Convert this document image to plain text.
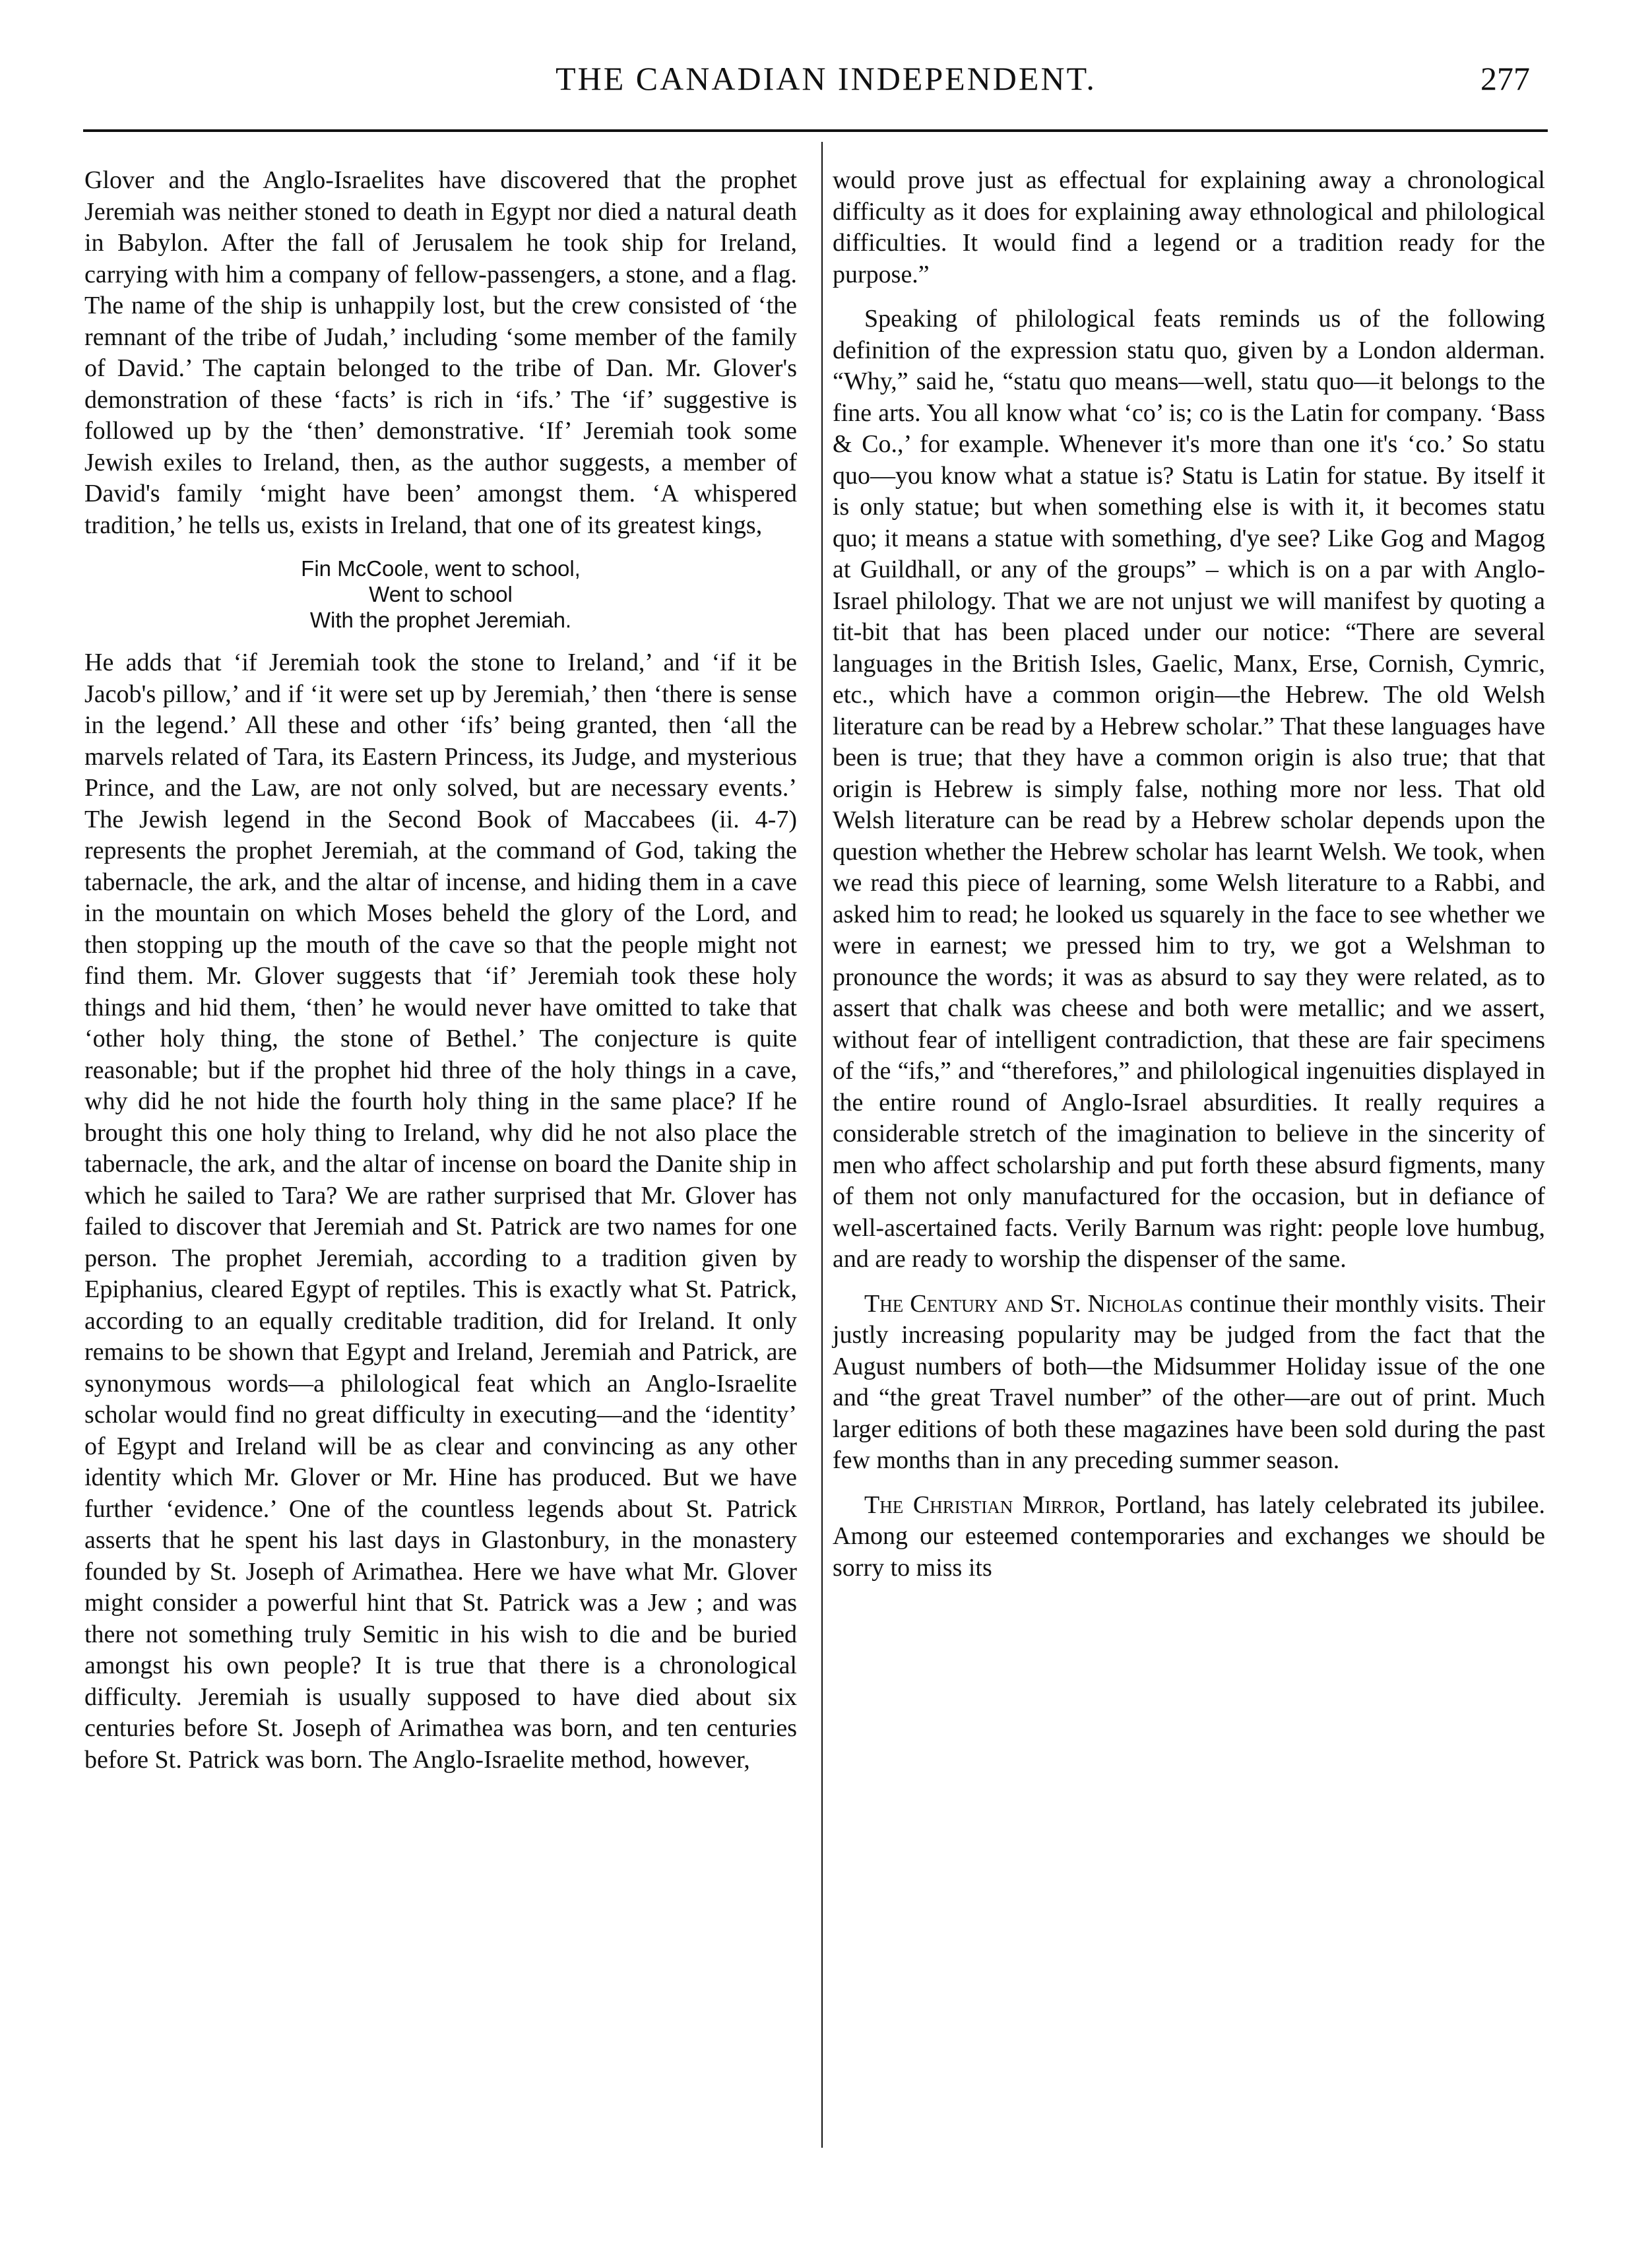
THE CANADIAN INDEPENDENT.	277

Glover and the Anglo-Israelites have discovered that the prophet Jeremiah was neither stoned to death in Egypt nor died a natural death in Babylon. After the fall of Jerusalem he took ship for Ireland, carrying with him a company of fellow-passengers, a stone, and a flag. The name of the ship is unhappily lost, but the crew consisted of ‘the remnant of the tribe of Judah,’ including ‘some member of the family of David.’ The captain belonged to the tribe of Dan. Mr. Glover's demonstration of these ‘facts’ is rich in ‘ifs.’ The ‘if’ suggestive is followed up by the ‘then’ demonstrative. ‘If’ Jeremiah took some Jewish exiles to Ireland, then, as the author suggests, a member of David's family ‘might have been’ amongst them. ‘A whispered tradition,’ he tells us, exists in Ireland, that one of its greatest kings,

Fin McCoole, went to school,
Went to school
With the prophet Jeremiah.

He adds that ‘if Jeremiah took the stone to Ireland,’ and ‘if it be Jacob's pillow,’ and if ‘it were set up by Jeremiah,’ then ‘there is sense in the legend.’ All these and other ‘ifs’ being granted, then ‘all the marvels related of Tara, its Eastern Princess, its Judge, and mysterious Prince, and the Law, are not only solved, but are necessary events.’ The Jewish legend in the Second Book of Maccabees (ii. 4-7) represents the prophet Jeremiah, at the command of God, taking the tabernacle, the ark, and the altar of incense, and hiding them in a cave in the mountain on which Moses beheld the glory of the Lord, and then stopping up the mouth of the cave so that the people might not find them. Mr. Glover suggests that ‘if’ Jeremiah took these holy things and hid them, ‘then’ he would never have omitted to take that ‘other holy thing, the stone of Bethel.’ The conjecture is quite reasonable; but if the prophet hid three of the holy things in a cave, why did he not hide the fourth holy thing in the same place? If he brought this one holy thing to Ireland, why did he not also place the tabernacle, the ark, and the altar of incense on board the Danite ship in which he sailed to Tara? We are rather surprised that Mr. Glover has failed to discover that Jeremiah and St. Patrick are two names for one person. The prophet Jeremiah, according to a tradition given by Epiphanius, cleared Egypt of reptiles. This is exactly what St. Patrick, according to an equally creditable tradition, did for Ireland. It only remains to be shown that Egypt and Ireland, Jeremiah and Patrick, are synonymous words—a philological feat which an Anglo-Israelite scholar would find no great difficulty in executing—and the ‘identity’ of Egypt and Ireland will be as clear and convincing as any other identity which Mr. Glover or Mr. Hine has produced. But we have further ‘evidence.’ One of the countless legends about St. Patrick asserts that he spent his last days in Glastonbury, in the monastery founded by St. Joseph of Arimathea. Here we have what Mr. Glover might consider a powerful hint that St. Patrick was a Jew ; and was there not something truly Semitic in his wish to die and be buried amongst his own people? It is true that there is a chronological difficulty. Jeremiah is usually supposed to have died about six centuries before St. Joseph of Arimathea was born, and ten centuries before St. Patrick was born. The Anglo-Israelite method, however,

would prove just as effectual for explaining away a chronological difficulty as it does for explaining away ethnological and philological difficulties. It would find a legend or a tradition ready for the purpose.”

Speaking of philological feats reminds us of the following definition of the expression statu quo, given by a London alderman. “Why,” said he, “statu quo means—well, statu quo—it belongs to the fine arts. You all know what ‘co’ is; co is the Latin for company. ‘Bass & Co.,’ for example. Whenever it's more than one it's ‘co.’ So statu quo—you know what a statue is? Statu is Latin for statue. By itself it is only statue; but when something else is with it, it becomes statu quo; it means a statue with something, d'ye see? Like Gog and Magog at Guildhall, or any of the groups” – which is on a par with Anglo-Israel philology. That we are not unjust we will manifest by quoting a tit-bit that has been placed under our notice: “There are several languages in the British Isles, Gaelic, Manx, Erse, Cornish, Cymric, etc., which have a common origin—the Hebrew. The old Welsh literature can be read by a Hebrew scholar.” That these languages have been is true; that they have a common origin is also true; that that origin is Hebrew is simply false, nothing more nor less. That old Welsh literature can be read by a Hebrew scholar depends upon the question whether the Hebrew scholar has learnt Welsh. We took, when we read this piece of learning, some Welsh literature to a Rabbi, and asked him to read; he looked us squarely in the face to see whether we were in earnest; we pressed him to try, we got a Welshman to pronounce the words; it was as absurd to say they were related, as to assert that chalk was cheese and both were metallic; and we assert, without fear of intelligent contradiction, that these are fair specimens of the “ifs,” and “therefores,” and philological ingenuities displayed in the entire round of Anglo-Israel absurdities. It really requires a considerable stretch of the imagination to believe in the sincerity of men who affect scholarship and put forth these absurd figments, many of them not only manufactured for the occasion, but in defiance of well-ascertained facts. Verily Barnum was right: people love humbug, and are ready to worship the dispenser of the same.

The Century and St. Nicholas continue their monthly visits. Their justly increasing popularity may be judged from the fact that the August numbers of both—the Midsummer Holiday issue of the one and “the great Travel number” of the other—are out of print. Much larger editions of both these magazines have been sold during the past few months than in any preceding summer season.

The Christian Mirror, Portland, has lately celebrated its jubilee. Among our esteemed contemporaries and exchanges we should be sorry to miss its
